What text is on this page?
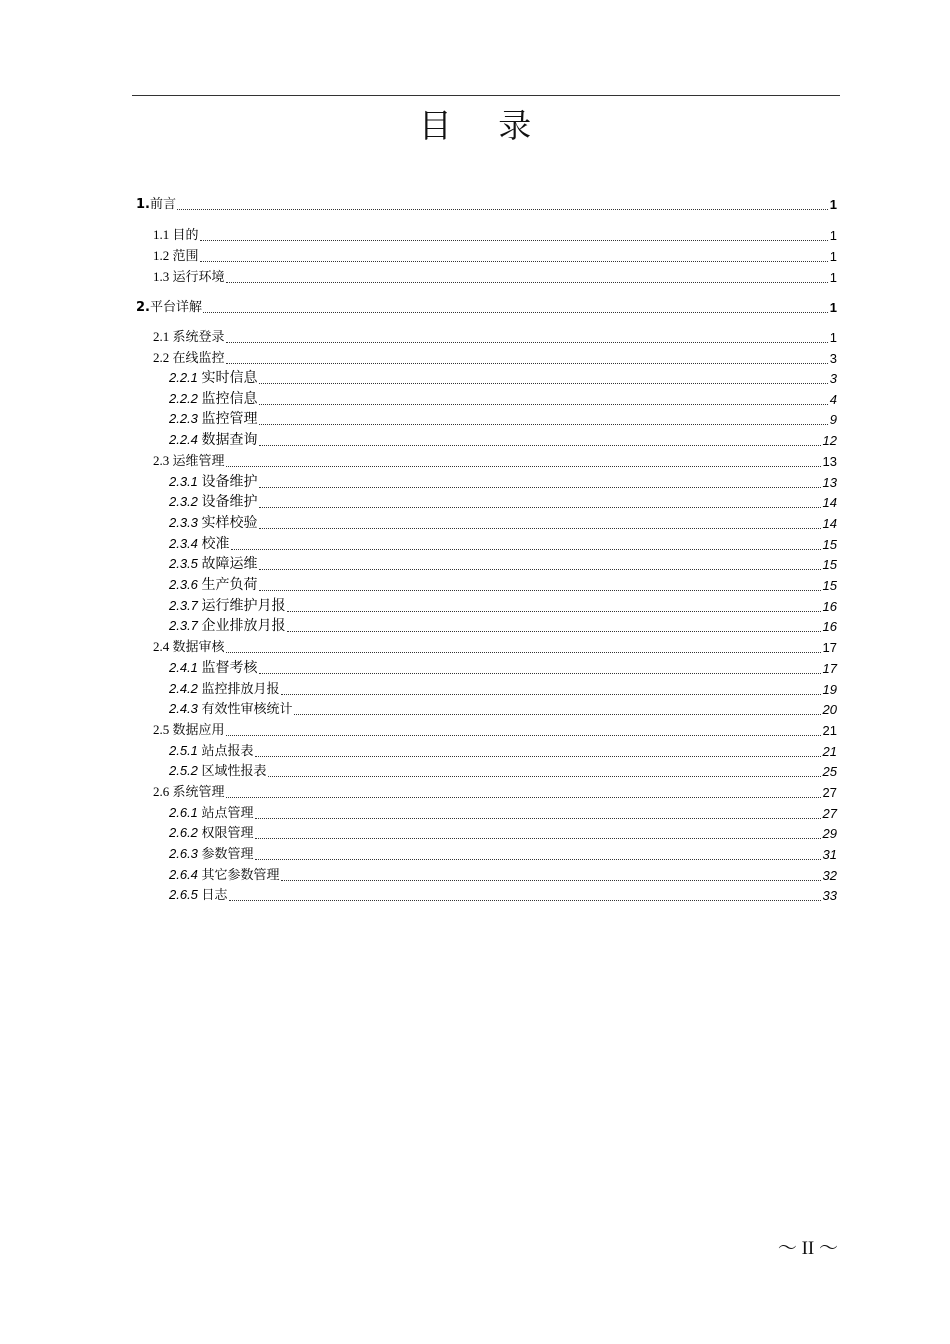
目 录
1.前言	1
1.1 目的	1
1.2 范围	1
1.3 运行环境	1
2.平台详解	1
2.1 系统登录	1
2.2 在线监控	3
2.2.1 实时信息	3
2.2.2 监控信息	4
2.2.3 监控管理	9
2.2.4 数据查询	12
2.3 运维管理	13
2.3.1 设备维护	13
2.3.2 设备维护	14
2.3.3 实样校验	14
2.3.4 校准	15
2.3.5 故障运维	15
2.3.6 生产负荷	15
2.3.7 运行维护月报	16
2.3.7 企业排放月报	16
2.4 数据审核	17
2.4.1 监督考核	17
2.4.2 监控排放月报	19
2.4.3 有效性审核统计	20
2.5 数据应用	21
2.5.1 站点报表	21
2.5.2 区域性报表	25
2.6 系统管理	27
2.6.1 站点管理	27
2.6.2 权限管理	29
2.6.3 参数管理	31
2.6.4 其它参数管理	32
2.6.5 日志	33
～ II ～
